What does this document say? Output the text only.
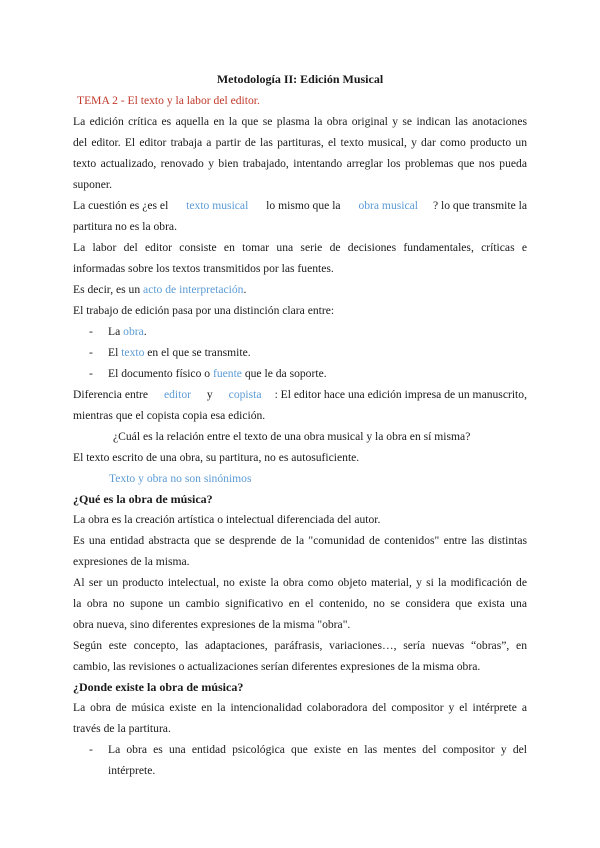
Metodología II: Edición Musical
TEMA 2 - El texto y la labor del editor.
La edición crítica es aquella en la que se plasma la obra original y se indican las anotaciones
del editor. El editor trabaja a partir de las partituras, el texto musical, y dar como producto un
texto actualizado, renovado y bien trabajado, intentando arreglar los problemas que nos pueda
suponer.
La cuestión es ¿es el texto musical lo mismo que la obra musical ? lo que transmite la
partitura no es la obra.
La labor del editor consiste en tomar una serie de decisiones fundamentales, críticas e
informadas sobre los textos transmitidos por las fuentes.
Es decir, es un acto de interpretación.
El trabajo de edición pasa por una distinción clara entre:
- La obra.
- El texto en el que se transmite.
- El documento físico o fuente que le da soporte.
Diferencia entre editor y copista : El editor hace una edición impresa de un manuscrito,
mientras que el copista copia esa edición.
¿Cuál es la relación entre el texto de una obra musical y la obra en sí misma?
El texto escrito de una obra, su partitura, no es autosuficiente.
Texto y obra no son sinónimos
¿Qué es la obra de música?
La obra es la creación artística o intelectual diferenciada del autor.
Es una entidad abstracta que se desprende de la "comunidad de contenidos" entre las distintas
expresiones de la misma.
Al ser un producto intelectual, no existe la obra como objeto material, y si la modificación de
la obra no supone un cambio significativo en el contenido, no se considera que exista una
obra nueva, sino diferentes expresiones de la misma "obra".
Según este concepto, las adaptaciones, paráfrasis, variaciones…, sería nuevas “obras”, en
cambio, las revisiones o actualizaciones serían diferentes expresiones de la misma obra.
¿Donde existe la obra de música?
La obra de música existe en la intencionalidad colaboradora del compositor y el intérprete a
través de la partitura.
- La obra es una entidad psicológica que existe en las mentes del compositor y del
intérprete.
